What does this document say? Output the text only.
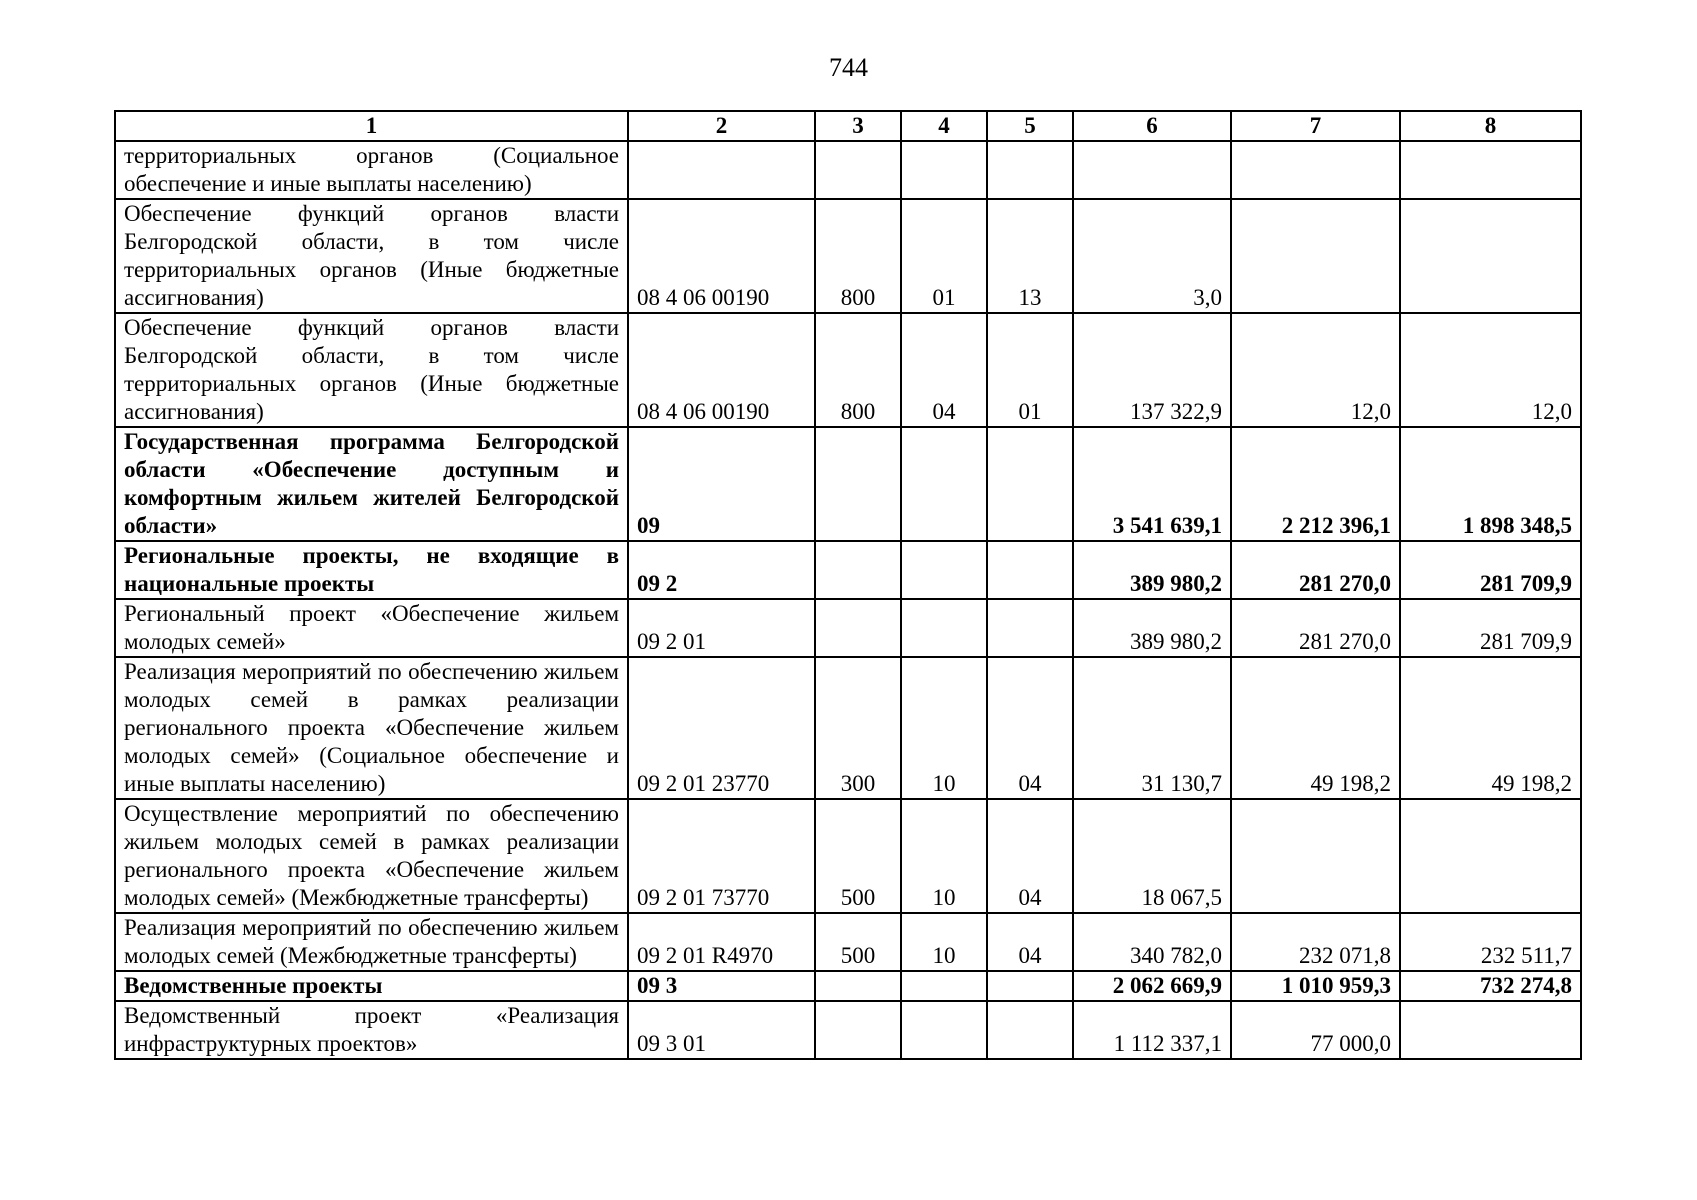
744
1	2	3	4	5	6	7	8
территориальных органов (Социальное обеспечение и иные выплаты населению)							
Обеспечение функций органов власти Белгородской области, в том числе территориальных органов (Иные бюджетные ассигнования)	08 4 06 00190	800	01	13	3,0		
Обеспечение функций органов власти Белгородской области, в том числе территориальных органов (Иные бюджетные ассигнования)	08 4 06 00190	800	04	01	137 322,9	12,0	12,0
Государственная программа Белгородской области «Обеспечение доступным и комфортным жильем жителей Белгородской области»	09				3 541 639,1	2 212 396,1	1 898 348,5
Региональные проекты, не входящие в национальные проекты	09 2				389 980,2	281 270,0	281 709,9
Региональный проект «Обеспечение жильем молодых семей»	09 2 01				389 980,2	281 270,0	281 709,9
Реализация мероприятий по обеспечению жильем молодых семей в рамках реализации регионального проекта «Обеспечение жильем молодых семей» (Социальное обеспечение и иные выплаты населению)	09 2 01 23770	300	10	04	31 130,7	49 198,2	49 198,2
Осуществление мероприятий по обеспечению жильем молодых семей в рамках реализации регионального проекта «Обеспечение жильем молодых семей» (Межбюджетные трансферты)	09 2 01 73770	500	10	04	18 067,5		
Реализация мероприятий по обеспечению жильем молодых семей (Межбюджетные трансферты)	09 2 01 R4970	500	10	04	340 782,0	232 071,8	232 511,7
Ведомственные проекты	09 3				2 062 669,9	1 010 959,3	732 274,8
Ведомственный проект «Реализация инфраструктурных проектов»	09 3 01				1 112 337,1	77 000,0	
